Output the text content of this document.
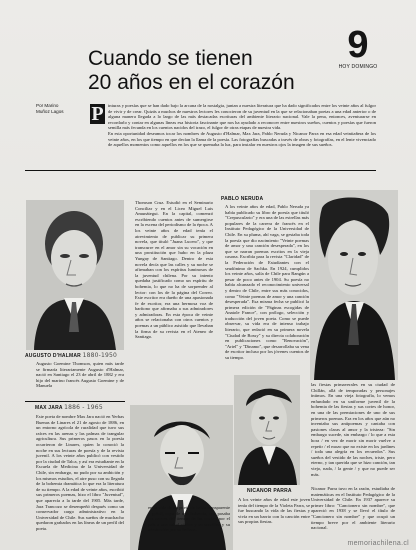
Cuando se tienen
20 años en el corazón
9
HOY DOMINGO
Por Marino
Muñoz Lagos	P inturas y poesías que se han dado bajo la arcana de la nostalgia, juntan a nuestra literatura que ha dado significados entre los veinte años al fulgor de vivir y de crear. Quizás a muchos de nuestros lectores les conocieron de su juventud en la que se relacionaban poetas a una edad anterior o de alguna manera llegada a lo largo de las más destacadas escrituras del ambiente literario nacional. Vale la pena, entonces, aventurarse en recordarlo y contar en algunas líneas esa historia fascinante que nos ha ayudado a reconocer entre nuestros sueños, cuentos y poesías que fueron semilla más fecunda en los cuentos nacidos del trazo, el fulgor de otras etapas de nuestra vida.
En esta oportunidad deseamos tocar los nombres de Augusto d'Halmar, Max Jara, Pablo Neruda y Nicanor Parra en esa edad veintiañera de los veinte años, en los que tiempo en que decían la llama de la poesía. Las fotografías buscadas a través de obras y fotografías, en el lente vivenciado de aquellos momentos como aquellos en los que se quemaba la luz, para instalar en nuestros ojos la imagen de sus sueños.
AUGUSTO D'HALMAR 1880-1950
Augusto Goemine Thomson, quien más tarde se firmaría literariamente Augusto d'Halmar, nació en Santiago el 23 de abril de 1882 y era hijo del marino francés Augusto Goemine y de Manuela
MAX JARA 1886 - 1965
Este poeta de nombre Max Jara nació en Yerbas Buenas de Linares el 21 de agosto de 1886, en un entorno agrícola de ruralidad que tuvo sus raíces en las arenas y las palmas de trangular agricultura. Sus primeros pasos en la poesía ocurrieron de Linares, quien lo conoció la noche en sus lecturas de poesía y de la revista juvenil. A los veinte años publicó con vestido por la ciudad de Talca, y así era estudiante en la Escuela de Medicina de la Universidad de Chile, sin embargo, no pudo por su ambición y los mismos estudios, el aire puso con su llegada de la bohemia dramática lo que era la literatura de su tiempo. A la edad de veinte años, escribió sus primeros poemas, hizo el libro "Juventud", que aparecía a la tarde del 1905. Más tarde, Jara Trancozo se desempeñó después como un conservador cargo administrativo en la Universidad de Chile. Sus sueños de muchacho quedaron grabados en las líneas de un perfil del poeta.
Thomson Cruz. Estudió en el Seminario Conciliar y en el Liceo Miguel Luis Amunátegui. En la capital, comenzó escribiendo cuentos antes de sumergirse en la escena del periodismo de la época. A los veinte años de edad tenía el atrevimiento de publicar su primera novela, que tituló "Juana Lucero", y que transcurre en el amor sin su vocación en una prostitución que hubo en la plaza Yungay de Santiago. Dentro de esta novela decía que las calles y su noche se afirmaban con los espíritus luminosos de la juventud chilena. Por su intento quedaba justificado como un espíritu de bohemia, lo que no ha de sorprender al lector: con los de la página del Correo. Este escritor era dueño de una apasionada fe de escritor, era una hermosa voz de barítono que afirmaba a sus admiradores y admiradoras. En esta época de veinte años se relacionaba con otros cuentos y poemas a un público asistido que llevaban la firma de su revista en el Ateneo de Santiago.
PABLO NERUDA
A los veinte años de edad, Pablo Neruda ya había publicado su libro de poesía que tituló "Crepusculario" y era una de las estrellas más populares de la carrera de francés en el Instituto Pedagógico de la Universidad de Chile. En su pluma, ahí vaga, se gestaba toda la poesía que dio nacimiento "Veinte poemas de amor y una canción desesperada", en los que se narran poemas escritos en la vieja casona. Escribía para la revista "Claridad" de la Federación de Estudiantes con el seudónimo de Sachka. En 1924, cumplidos los veinte años, salía de Chile para Rangún a pesar de poco antes de 1904. Su poesía no había alcanzado el reconocimiento universal y dentro de Chile, entre sus más conocidos, como "Veinte poemas de amor y una canción desesperada". Esa misma fecha se publicó la primera edición de "Páginas escogidas de Anatole France", con prólogo, selección y traducción del joven poeta. Como se puede observar, su vida era de intenso trabajo literario, que redactó en su primera novela "Ciudad de Bossy" y su directa colaboración en publicaciones como "Renovación", "Ariel" y "Dinamo", que desarrollaba su vena de escritor incluso por los jóvenes cuentos de su tiempo.
en la vida de un poeta de habla transparente y grácil, cuya de una bohemia, que pasaba los cauces del tiempo de las noches por el país a una salud cónica y su sencillez y su admiración por su belleza.
NICANOR PARRA
A los veinte años de edad este joven tenía del tiempo de la Violeta Parra, se fue buscando la vida de las fiestas y vivía en un barrio con la canción entre sus propias fiestas.
las fiestas primaverales en su ciudad de Chillán, allá de temporadas y personajes íntimos. En una vieja fotografía, lo vemos enfundado en su uniforme juvenil de la bohemia de las fiestas y sus cortes de honor, en una de las premiaciones de uno de sus primeros poemas. Era en los años que aún no inventaba sus antipoemas y cantaba con pasiones claras al amor y la tristeza: "Sin embargo sucede, sin embargo / lo que a esta hora / en vez de morir sin morir vuelve a repetir / el mozo que no existe en los jardines / toda una alegría en los recuerdos". Sus sueños del vestido de las noches, triste, pero eterno, y tan querida que se hizo canción, tan viejo, nada, / la gente / y que no puede ser más.
Nicanor Parra tuvo en la razón, estudiaba de matemáticas en el Instituto Pedagógico de la Universidad de Chile. En 1937 aparece su primer libro: "Cancionero sin nombre", que apareció en 1938 y se llevó el título de "Cancionero sin nombre" y que ocupó un tiempo breve por el ambiente literario nacional.
memoriachilena.cl
